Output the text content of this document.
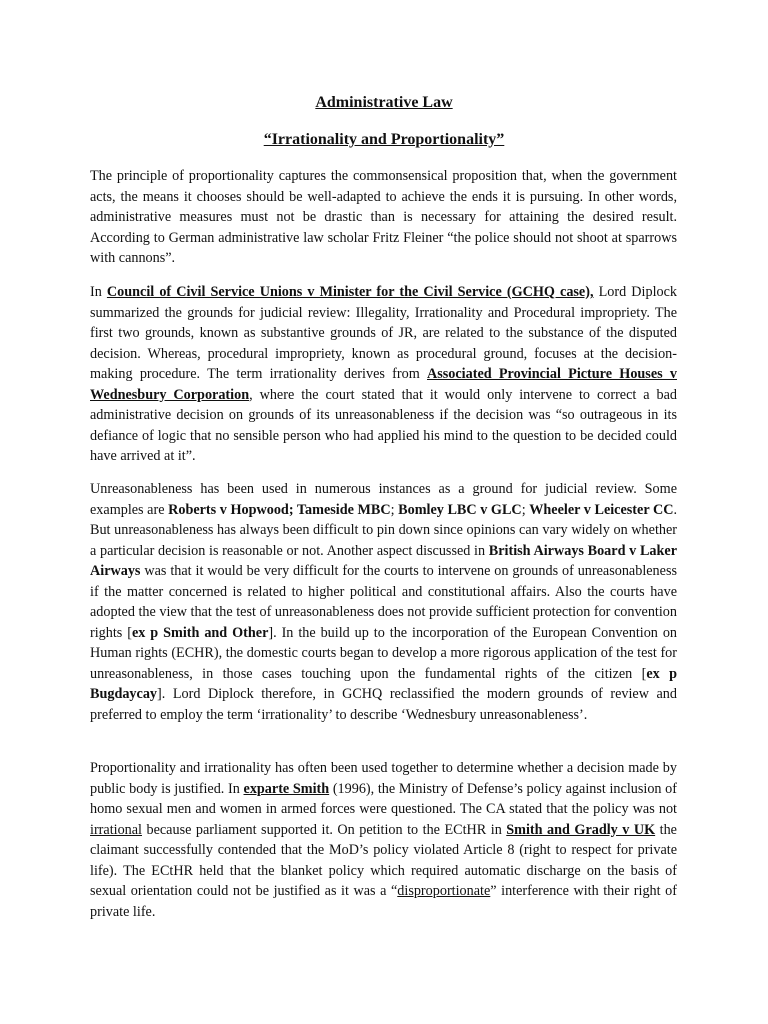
Administrative Law
“Irrationality and Proportionality”

The principle of proportionality captures the commonsensical proposition that, when the government acts, the means it chooses should be well-adapted to achieve the ends it is pursuing. In other words, administrative measures must not be drastic than is necessary for attaining the desired result. According to German administrative law scholar Fritz Fleiner “the police should not shoot at sparrows with cannons”.

In Council of Civil Service Unions v Minister for the Civil Service (GCHQ case), Lord Diplock summarized the grounds for judicial review: Illegality, Irrationality and Procedural impropriety. The first two grounds, known as substantive grounds of JR, are related to the substance of the disputed decision. Whereas, procedural impropriety, known as procedural ground, focuses at the decision-making procedure. The term irrationality derives from Associated Provincial Picture Houses v Wednesbury Corporation, where the court stated that it would only intervene to correct a bad administrative decision on grounds of its unreasonableness if the decision was “so outrageous in its defiance of logic that no sensible person who had applied his mind to the question to be decided could have arrived at it”.

Unreasonableness has been used in numerous instances as a ground for judicial review. Some examples are Roberts v Hopwood; Tameside MBC; Bomley LBC v GLC; Wheeler v Leicester CC. But unreasonableness has always been difficult to pin down since opinions can vary widely on whether a particular decision is reasonable or not. Another aspect discussed in British Airways Board v Laker Airways was that it would be very difficult for the courts to intervene on grounds of unreasonableness if the matter concerned is related to higher political and constitutional affairs. Also the courts have adopted the view that the test of unreasonableness does not provide sufficient protection for convention rights [ex p Smith and Other]. In the build up to the incorporation of the European Convention on Human rights (ECHR), the domestic courts began to develop a more rigorous application of the test for unreasonableness, in those cases touching upon the fundamental rights of the citizen [ex p Bugdaycay]. Lord Diplock therefore, in GCHQ reclassified the modern grounds of review and preferred to employ the term ‘irrationality’ to describe ‘Wednesbury unreasonableness’.

Proportionality and irrationality has often been used together to determine whether a decision made by public body is justified. In exparte Smith (1996), the Ministry of Defense’s policy against inclusion of homo sexual men and women in armed forces were questioned. The CA stated that the policy was not irrational because parliament supported it. On petition to the ECtHR in Smith and Gradly v UK the claimant successfully contended that the MoD’s policy violated Article 8 (right to respect for private life). The ECtHR held that the blanket policy which required automatic discharge on the basis of sexual orientation could not be justified as it was a “disproportionate” interference with their right of private life.
